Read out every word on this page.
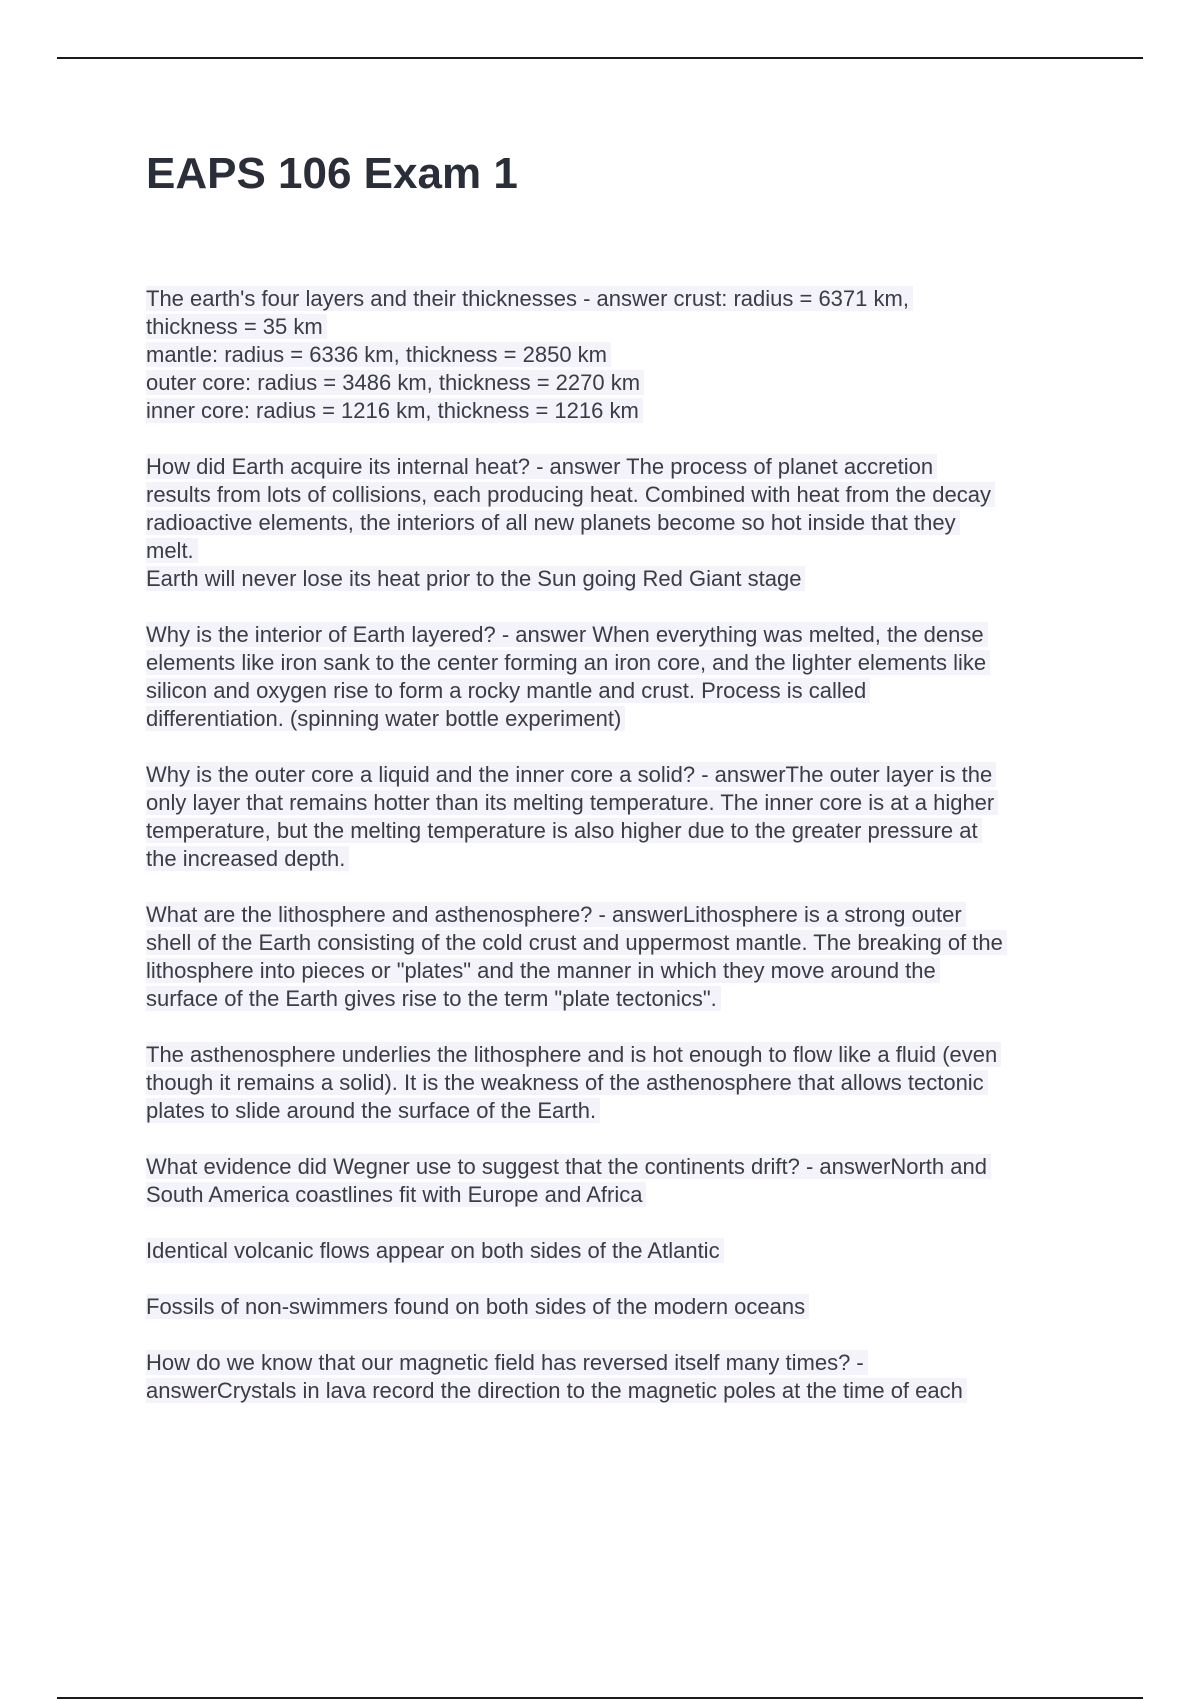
EAPS 106 Exam 1

The earth's four layers and their thicknesses - answer crust: radius = 6371 km,
thickness = 35 km
mantle: radius = 6336 km, thickness = 2850 km
outer core: radius = 3486 km, thickness = 2270 km
inner core: radius = 1216 km, thickness = 1216 km

How did Earth acquire its internal heat? - answer The process of planet accretion
results from lots of collisions, each producing heat. Combined with heat from the decay
radioactive elements, the interiors of all new planets become so hot inside that they
melt.
Earth will never lose its heat prior to the Sun going Red Giant stage

Why is the interior of Earth layered? - answer When everything was melted, the dense
elements like iron sank to the center forming an iron core, and the lighter elements like
silicon and oxygen rise to form a rocky mantle and crust. Process is called
differentiation. (spinning water bottle experiment)

Why is the outer core a liquid and the inner core a solid? - answerThe outer layer is the
only layer that remains hotter than its melting temperature. The inner core is at a higher
temperature, but the melting temperature is also higher due to the greater pressure at
the increased depth.

What are the lithosphere and asthenosphere? - answerLithosphere is a strong outer
shell of the Earth consisting of the cold crust and uppermost mantle. The breaking of the
lithosphere into pieces or "plates" and the manner in which they move around the
surface of the Earth gives rise to the term "plate tectonics".

The asthenosphere underlies the lithosphere and is hot enough to flow like a fluid (even
though it remains a solid). It is the weakness of the asthenosphere that allows tectonic
plates to slide around the surface of the Earth.

What evidence did Wegner use to suggest that the continents drift? - answerNorth and
South America coastlines fit with Europe and Africa

Identical volcanic flows appear on both sides of the Atlantic

Fossils of non-swimmers found on both sides of the modern oceans

How do we know that our magnetic field has reversed itself many times? -
answerCrystals in lava record the direction to the magnetic poles at the time of each
